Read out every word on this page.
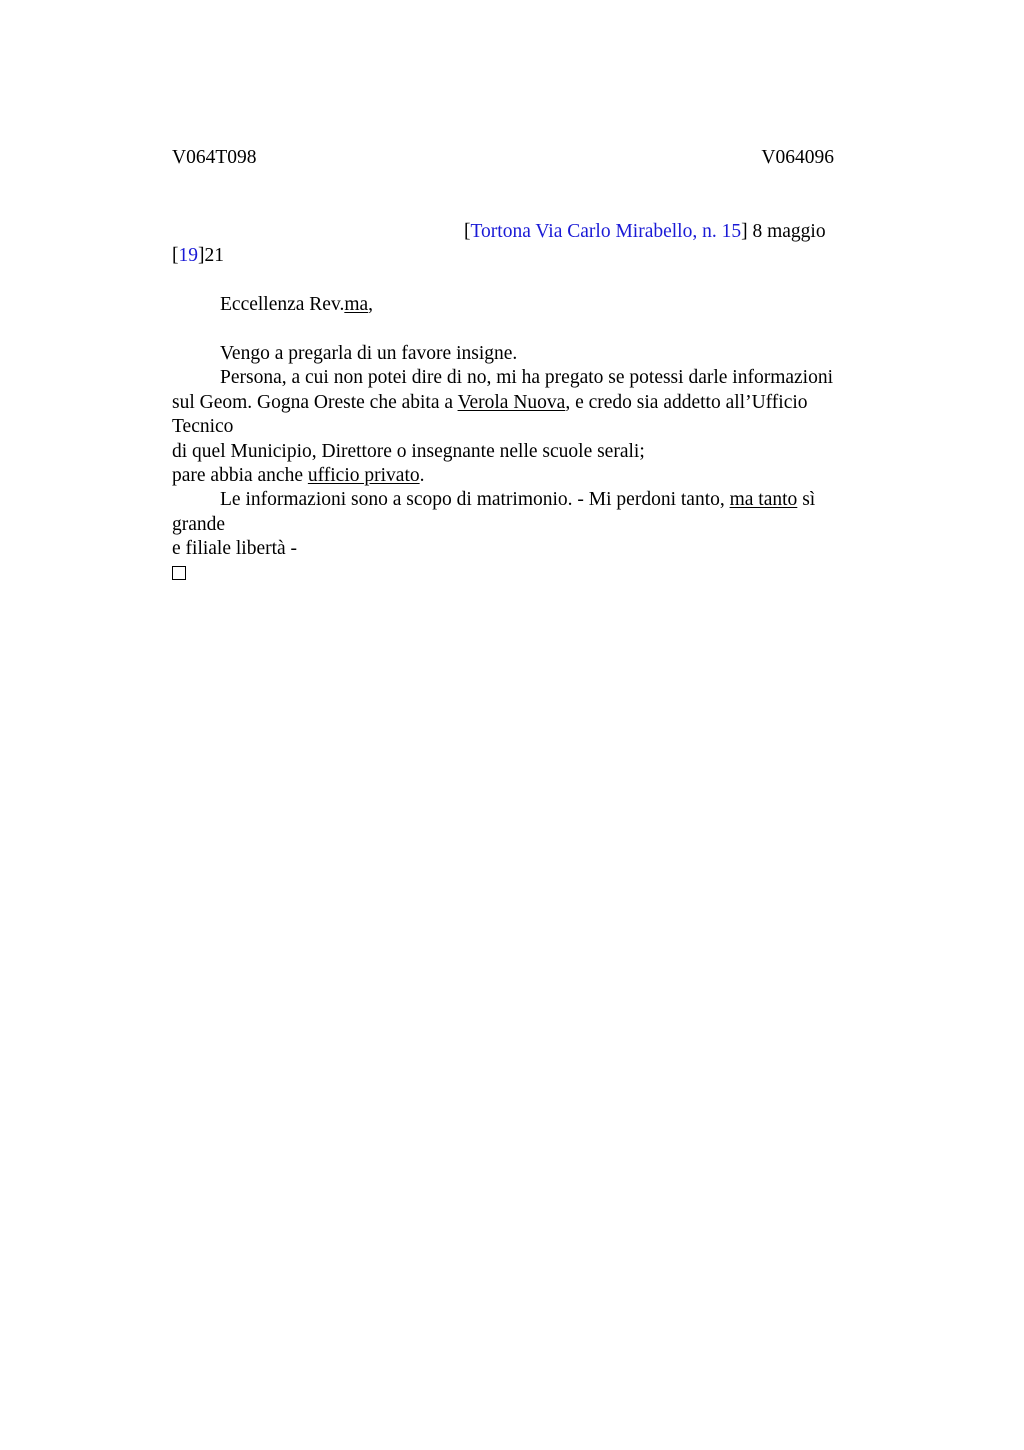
V064T098	V064096
[Tortona Via Carlo Mirabello, n. 15] 8 maggio
[19]21
Eccellenza Rev.ma,
Vengo a pregarla di un favore insigne.
Persona, a cui non potei dire di no, mi ha pregato se potessi darle informazioni
sul Geom. Gogna Oreste che abita a Verola Nuova, e credo sia addetto all’Ufficio
Tecnico
di quel Municipio, Direttore o insegnante nelle scuole serali;
pare abbia anche ufficio privato.
Le informazioni sono a scopo di matrimonio. - Mi perdoni tanto, ma tanto sì
grande
e filiale libertà -
